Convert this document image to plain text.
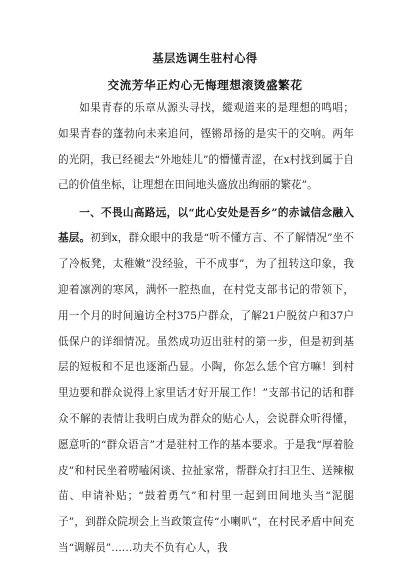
基层选调生驻村心得
交流芳华正灼心无悔理想滚烫盛繁花

如果青春的乐章从源头寻找，縱观道来的是理想的鸣唱；如果青春的蓬勃向未来追问，铿锵昂扬的是实干的交响。两年的光阴，我已经褪去“外地娃儿”的懵懂青涩，在x村找到属于自己的价值坐标，让理想在田间地头盛放出绚丽的繁花”。

一、不畏山高路远，以“此心安处是吾乡”的赤诚信念融入基层。初到x，群众眼中的我是“听不懂方言、不了解情况”坐不了冷板凳，太稚嫩”没经验，干不成事”，为了扭转这印象，我迎着凛冽的寒风，满怀一腔热血，在村党支部书记的带领下，用一个月的时间遍访全村375户群众，了解21户脱贫户和37户低保户的详细情况。虽然成功迈出驻村的第一步，但是初到基层的短板和不足也逐渐凸显。小陶，你怎么恁个官方嘛！到村里边要和群众说得上家里话才好开展工作！”支部书记的话和群众不解的表情让我明白成为群众的贴心人，会说群众听得懂，愿意听的“群众语言”才是驻村工作的基本要求。于是我“厚着脸皮”和村民坐着唠嗑闲谈、拉扯家常，帮群众打扫卫生、送辣椒苗、申请补贴；“鼓着勇气”和村里一起到田间地头当“泥腿子”，到群众院坝会上当政策宣传“小喇叭”，在村民矛盾中间充当“调解员”……功夫不负有心人，我
